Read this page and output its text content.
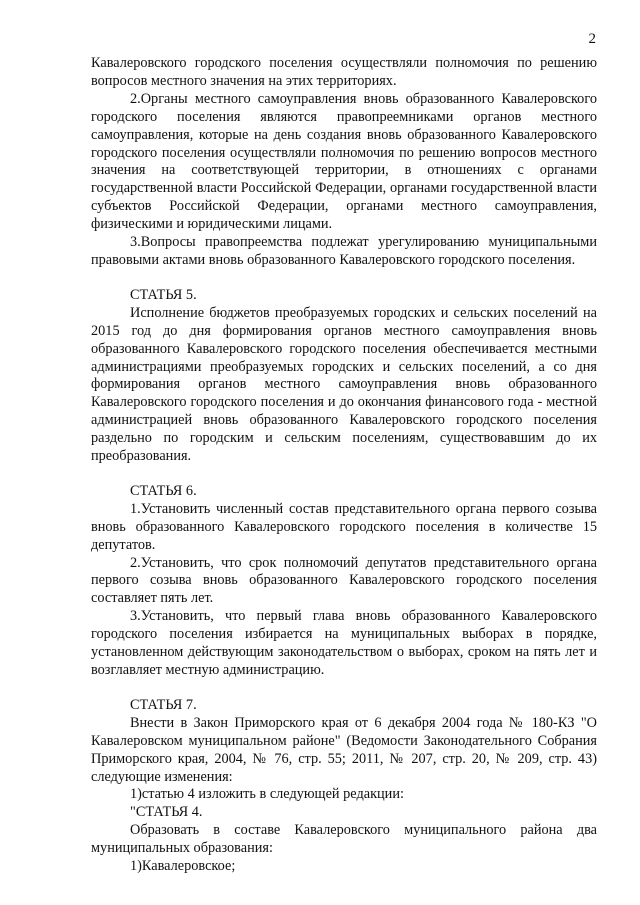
2

Кавалеровского городского поселения осуществляли полномочия по решению вопросов местного значения на этих территориях.

2.Органы местного самоуправления вновь образованного Кавалеровского городского поселения являются правопреемниками органов местного самоуправления, которые на день создания вновь образованного Кавалеровского городского поселения осуществляли полномочия по решению вопросов местного значения на соответствующей территории, в отношениях с органами государственной власти Российской Федерации, органами государственной власти субъектов Российской Федерации, органами местного самоуправления, физическими и юридическими лицами.

3.Вопросы правопреемства подлежат урегулированию муниципальными правовыми актами вновь образованного Кавалеровского городского поселения.

СТАТЬЯ 5.

Исполнение бюджетов преобразуемых городских и сельских поселений на 2015 год до дня формирования органов местного самоуправления вновь образованного Кавалеровского городского поселения обеспечивается местными администрациями преобразуемых городских и сельских поселений, а со дня формирования органов местного самоуправления вновь образованного Кавалеровского городского поселения и до окончания финансового года - местной администрацией вновь образованного Кавалеровского городского поселения раздельно по городским и сельским поселениям, существовавшим до их преобразования.

СТАТЬЯ 6.

1.Установить численный состав представительного органа первого созыва вновь образованного Кавалеровского городского поселения в количестве 15 депутатов.

2.Установить, что срок полномочий депутатов представительного органа первого созыва вновь образованного Кавалеровского городского поселения составляет пять лет.

3.Установить, что первый глава вновь образованного Кавалеровского городского поселения избирается на муниципальных выборах в порядке, установленном действующим законодательством о выборах, сроком на пять лет и возглавляет местную администрацию.

СТАТЬЯ 7.

Внести в Закон Приморского края от 6 декабря 2004 года № 180-КЗ "О Кавалеровском муниципальном районе" (Ведомости Законодательного Собрания Приморского края, 2004, № 76, стр. 55; 2011, № 207, стр. 20, № 209, стр. 43) следующие изменения:

1)статью 4 изложить в следующей редакции:

"СТАТЬЯ 4.

Образовать в составе Кавалеровского муниципального района два муниципальных образования:

1)Кавалеровское;
